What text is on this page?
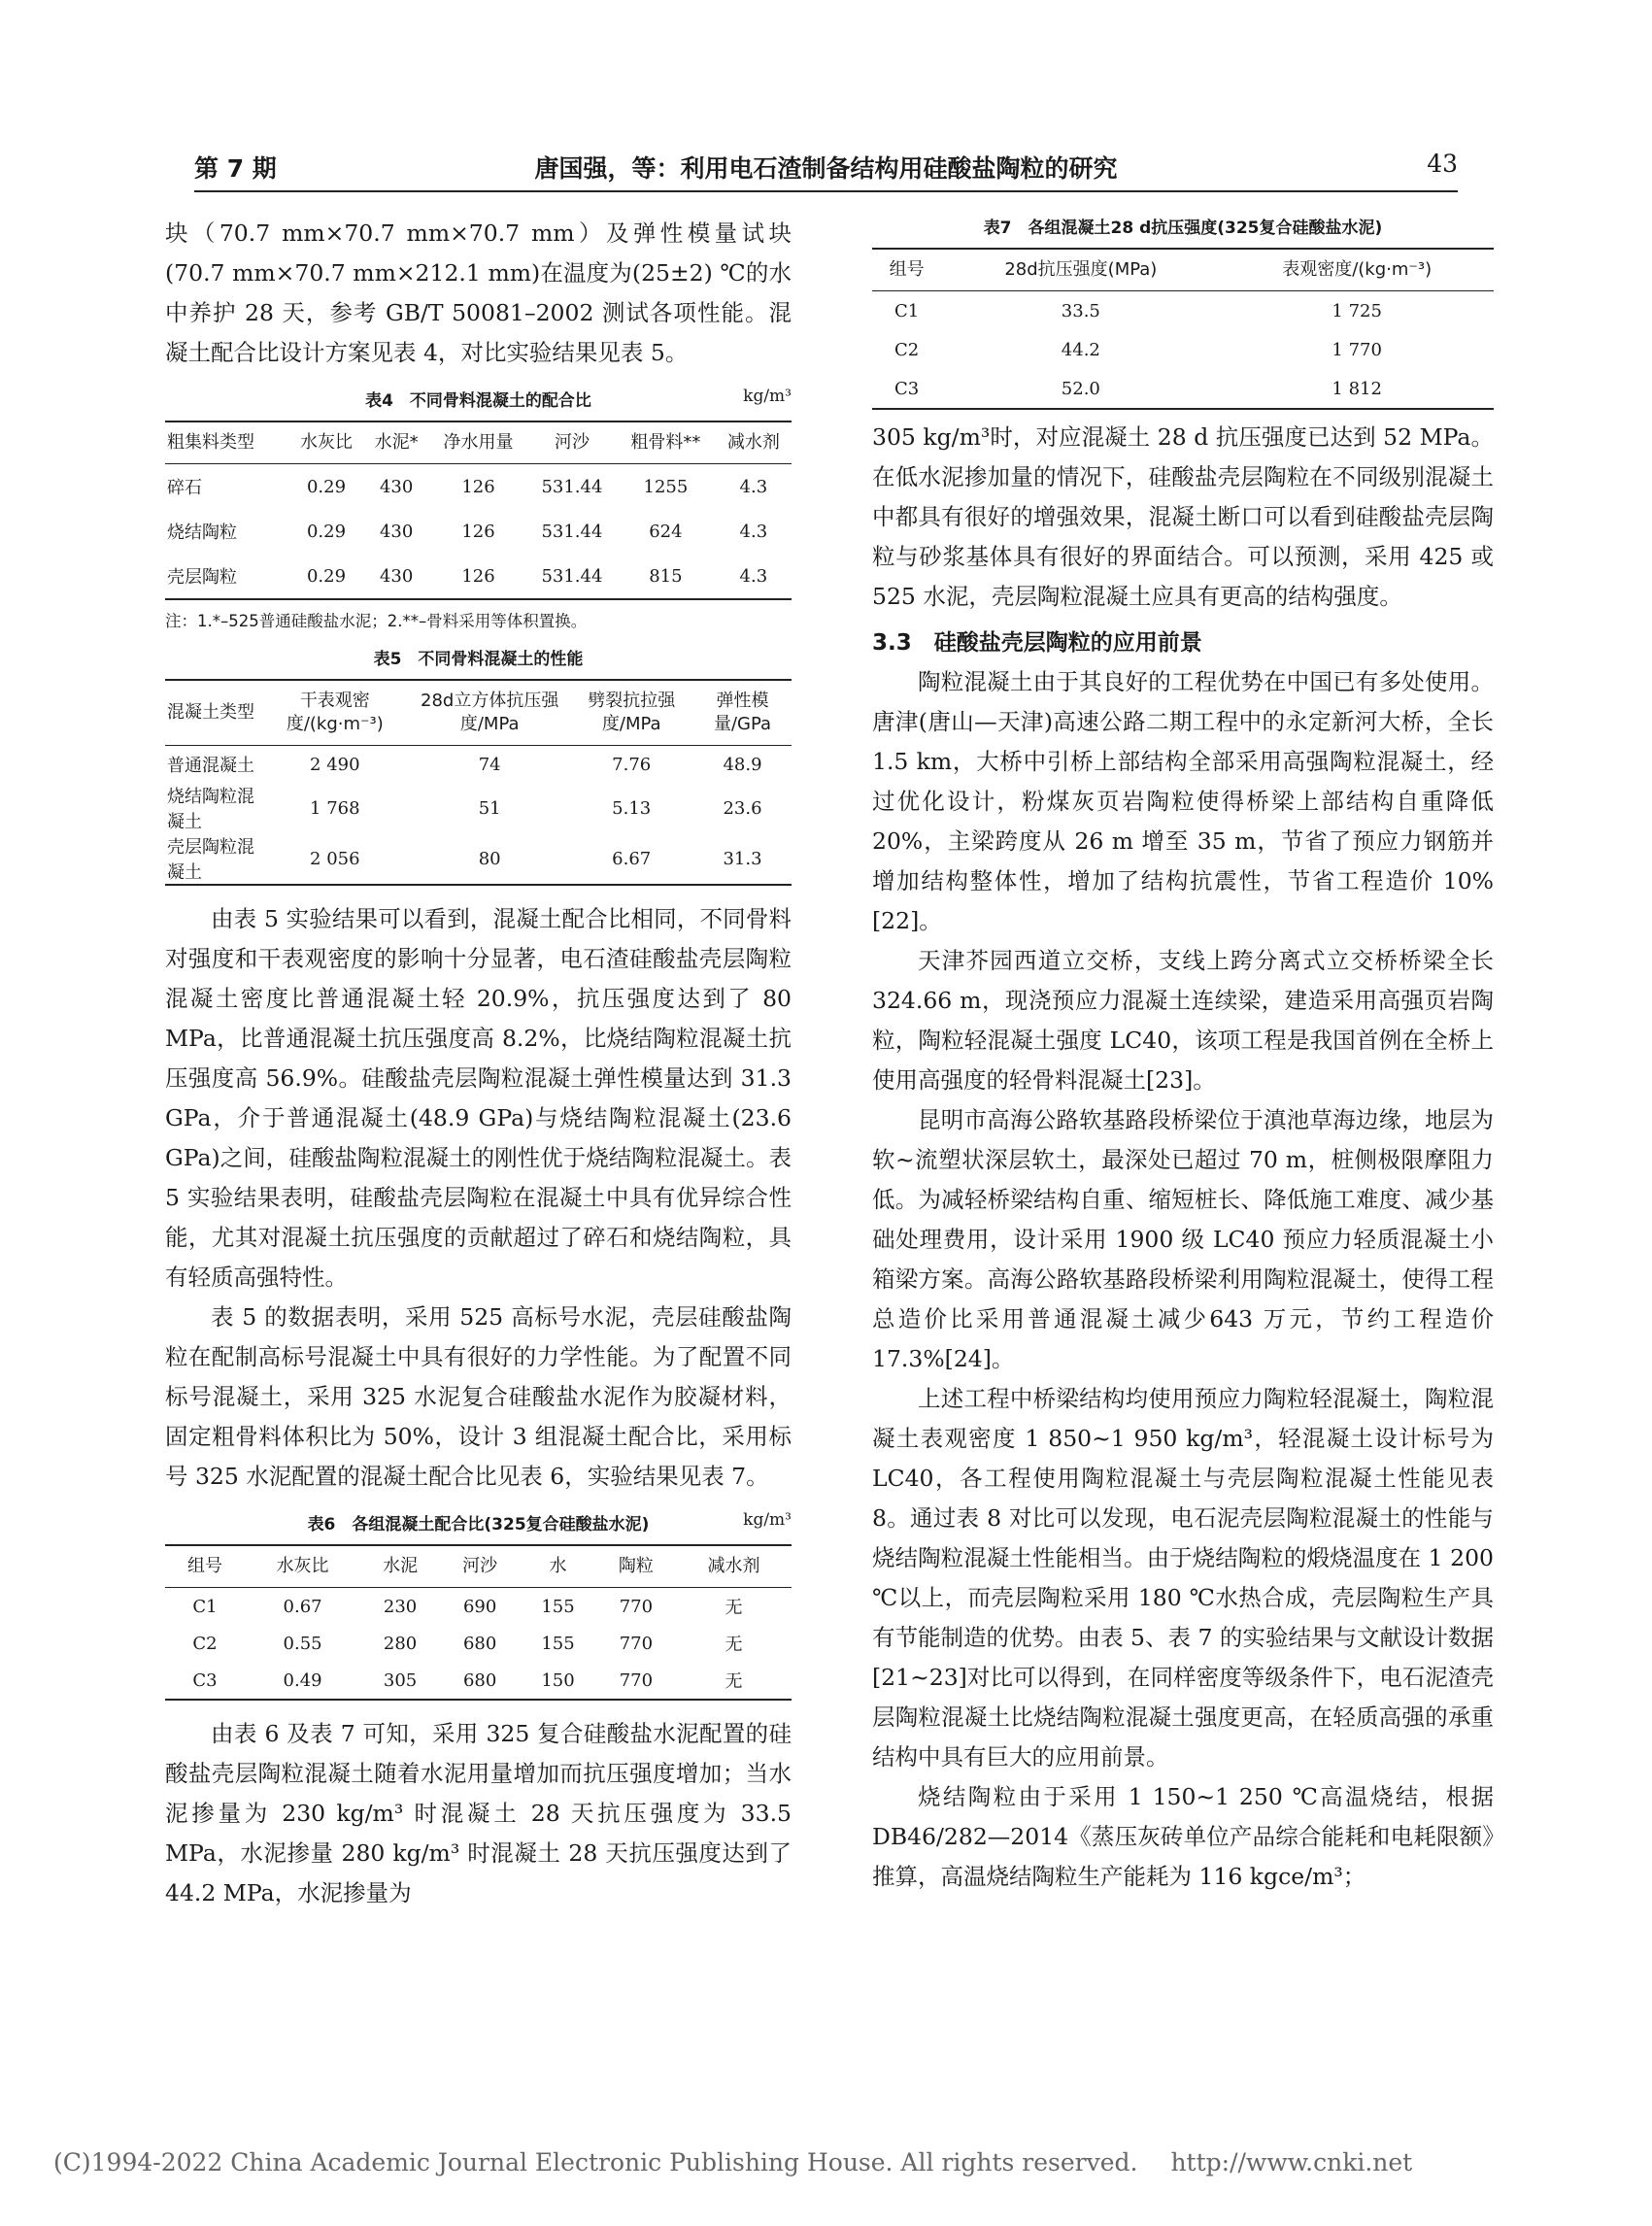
第 7 期	唐国强，等：利用电石渣制备结构用硅酸盐陶粒的研究	43

块（70.7 mm×70.7 mm×70.7 mm）及弹性模量试块(70.7 mm×70.7 mm×212.1 mm)在温度为(25±2) ℃的水中养护 28 天，参考 GB/T 50081–2002 测试各项性能。混凝土配合比设计方案见表 4，对比实验结果见表 5。

表4　不同骨料混凝土的配合比	kg/m³
粗集料类型	水灰比	水泥*	净水用量	河沙	粗骨料**	减水剂
碎石	0.29	430	126	531.44	1255	4.3
烧结陶粒	0.29	430	126	531.44	624	4.3
壳层陶粒	0.29	430	126	531.44	815	4.3
注：1.*–525普通硅酸盐水泥；2.**–骨料采用等体积置换。
表5　不同骨料混凝土的性能
混凝土类型	干表观密度/(kg·m⁻³)	28d立方体抗压强度/MPa	劈裂抗拉强度/MPa	弹性模量/GPa
普通混凝土	2 490	74	7.76	48.9
烧结陶粒混凝土	1 768	51	5.13	23.6
壳层陶粒混凝土	2 056	80	6.67	31.3

由表 5 实验结果可以看到，混凝土配合比相同，不同骨料对强度和干表观密度的影响十分显著，电石渣硅酸盐壳层陶粒混凝土密度比普通混凝土轻 20.9%，抗压强度达到了 80 MPa，比普通混凝土抗压强度高 8.2%，比烧结陶粒混凝土抗压强度高 56.9%。硅酸盐壳层陶粒混凝土弹性模量达到 31.3 GPa，介于普通混凝土(48.9 GPa)与烧结陶粒混凝土(23.6 GPa)之间，硅酸盐陶粒混凝土的刚性优于烧结陶粒混凝土。表 5 实验结果表明，硅酸盐壳层陶粒在混凝土中具有优异综合性能，尤其对混凝土抗压强度的贡献超过了碎石和烧结陶粒，具有轻质高强特性。

表 5 的数据表明，采用 525 高标号水泥，壳层硅酸盐陶粒在配制高标号混凝土中具有很好的力学性能。为了配置不同标号混凝土，采用 325 水泥复合硅酸盐水泥作为胶凝材料，固定粗骨料体积比为 50%，设计 3 组混凝土配合比，采用标号 325 水泥配置的混凝土配合比见表 6，实验结果见表 7。

表6　各组混凝土配合比(325复合硅酸盐水泥)	kg/m³
组号	水灰比	水泥	河沙	水	陶粒	减水剂
C1	0.67	230	690	155	770	无
C2	0.55	280	680	155	770	无
C3	0.49	305	680	150	770	无

由表 6 及表 7 可知，采用 325 复合硅酸盐水泥配置的硅酸盐壳层陶粒混凝土随着水泥用量增加而抗压强度增加；当水泥掺量为 230 kg/m³ 时混凝土 28 天抗压强度为 33.5 MPa，水泥掺量 280 kg/m³ 时混凝土 28 天抗压强度达到了 44.2 MPa，水泥掺量为

表7　各组混凝土28 d抗压强度(325复合硅酸盐水泥)
组号	28d抗压强度(MPa)	表观密度/(kg·m⁻³)
C1	33.5	1 725
C2	44.2	1 770
C3	52.0	1 812

305 kg/m³时，对应混凝土 28 d 抗压强度已达到 52 MPa。在低水泥掺加量的情况下，硅酸盐壳层陶粒在不同级别混凝土中都具有很好的增强效果，混凝土断口可以看到硅酸盐壳层陶粒与砂浆基体具有很好的界面结合。可以预测，采用 425 或 525 水泥，壳层陶粒混凝土应具有更高的结构强度。

3.3　硅酸盐壳层陶粒的应用前景

陶粒混凝土由于其良好的工程优势在中国已有多处使用。唐津(唐山—天津)高速公路二期工程中的永定新河大桥，全长 1.5 km，大桥中引桥上部结构全部采用高强陶粒混凝土，经过优化设计，粉煤灰页岩陶粒使得桥梁上部结构自重降低 20%，主梁跨度从 26 m 增至 35 m，节省了预应力钢筋并增加结构整体性，增加了结构抗震性，节省工程造价 10%[22]。

天津芥园西道立交桥，支线上跨分离式立交桥桥梁全长 324.66 m，现浇预应力混凝土连续梁，建造采用高强页岩陶粒，陶粒轻混凝土强度 LC40，该项工程是我国首例在全桥上使用高强度的轻骨料混凝土[23]。

昆明市高海公路软基路段桥梁位于滇池草海边缘，地层为软~流塑状深层软土，最深处已超过 70 m，桩侧极限摩阻力低。为减轻桥梁结构自重、缩短桩长、降低施工难度、减少基础处理费用，设计采用 1900 级 LC40 预应力轻质混凝土小箱梁方案。高海公路软基路段桥梁利用陶粒混凝土，使得工程总造价比采用普通混凝土减少643 万元，节约工程造价17.3%[24]。

上述工程中桥梁结构均使用预应力陶粒轻混凝土，陶粒混凝土表观密度 1 850~1 950 kg/m³，轻混凝土设计标号为 LC40，各工程使用陶粒混凝土与壳层陶粒混凝土性能见表 8。通过表 8 对比可以发现，电石泥壳层陶粒混凝土的性能与烧结陶粒混凝土性能相当。由于烧结陶粒的煅烧温度在 1 200 ℃以上，而壳层陶粒采用 180 ℃水热合成，壳层陶粒生产具有节能制造的优势。由表 5、表 7 的实验结果与文献设计数据[21~23]对比可以得到，在同样密度等级条件下，电石泥渣壳层陶粒混凝土比烧结陶粒混凝土强度更高，在轻质高强的承重结构中具有巨大的应用前景。

烧结陶粒由于采用 1 150~1 250 ℃高温烧结，根据 DB46/282—2014《蒸压灰砖单位产品综合能耗和电耗限额》推算，高温烧结陶粒生产能耗为 116 kgce/m³；

(C)1994-2022 China Academic Journal Electronic Publishing House. All rights reserved. http://www.cnki.net
